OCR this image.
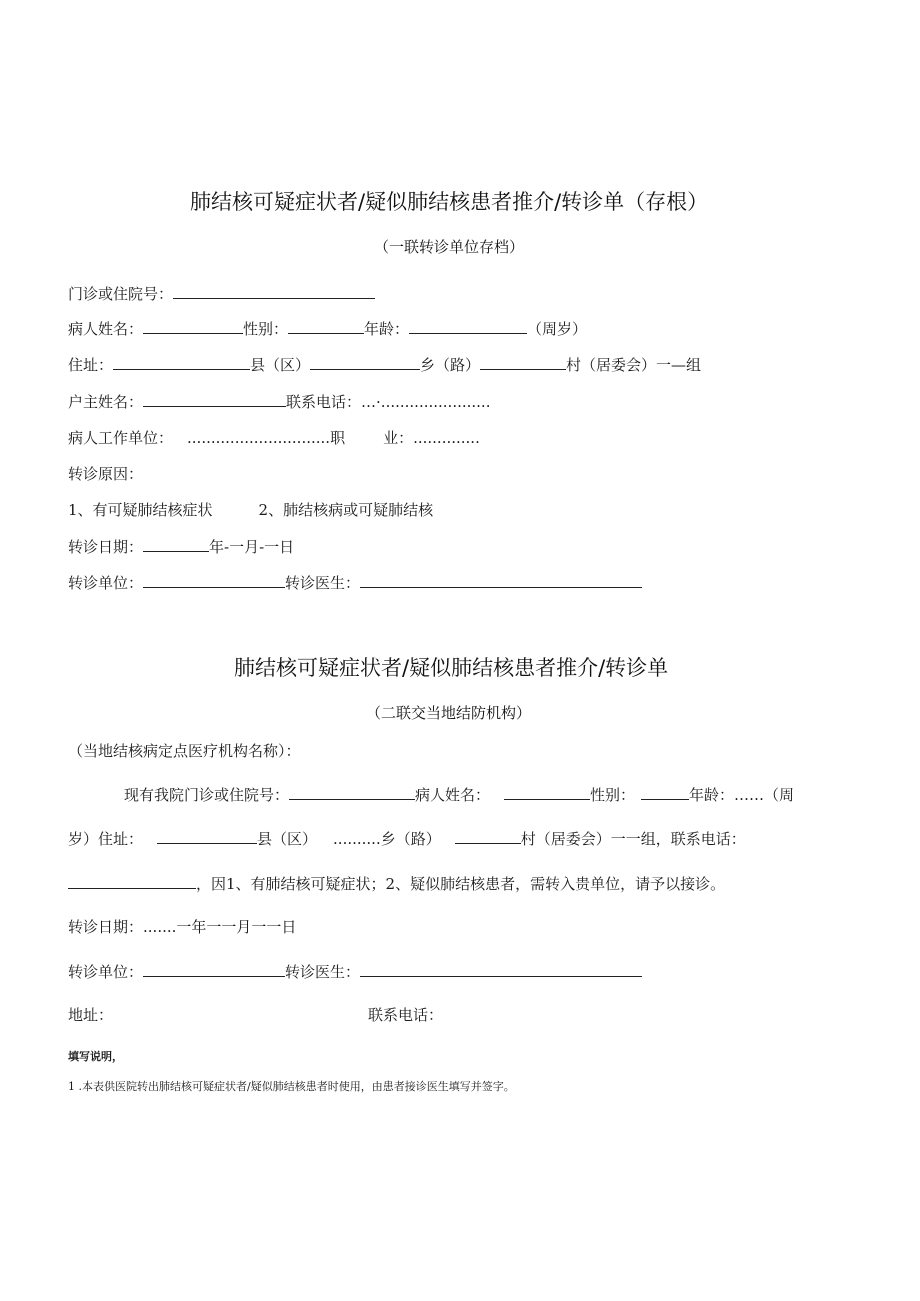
肺结核可疑症状者/疑似肺结核患者推介/转诊单（存根）
（一联转诊单位存档）
门诊或住院号：
病人姓名：	性别：	年龄：	（周岁）
住址：	县（区）	乡（路）	村（居委会）一—组
户主姓名：	联系电话：…·.......................
病人工作单位： ..............................职	业：..............
转诊原因：
1、有可疑肺结核症状	2、肺结核病或可疑肺结核
转诊日期：	年-一月-一日
转诊单位：	转诊医生：
肺结核可疑症状者/疑似肺结核患者推介/转诊单
（二联交当地结防机构）
（当地结核病定点医疗机构名称）：
现有我院门诊或住院号：	病人姓名：	性别：	年龄：……（周
岁）住址：	县（区） ..........乡（路）	村（居委会）一一组，联系电话：
，因1、有肺结核可疑症状；2、疑似肺结核患者，需转入贵单位，请予以接诊。
转诊日期：.......一年一一月一一日
转诊单位：	转诊医生：
地址：	联系电话：
填写说明，
1 .本表供医院转出肺结核可疑症状者/疑似肺结核患者时使用，由患者接诊医生填写并签字。
